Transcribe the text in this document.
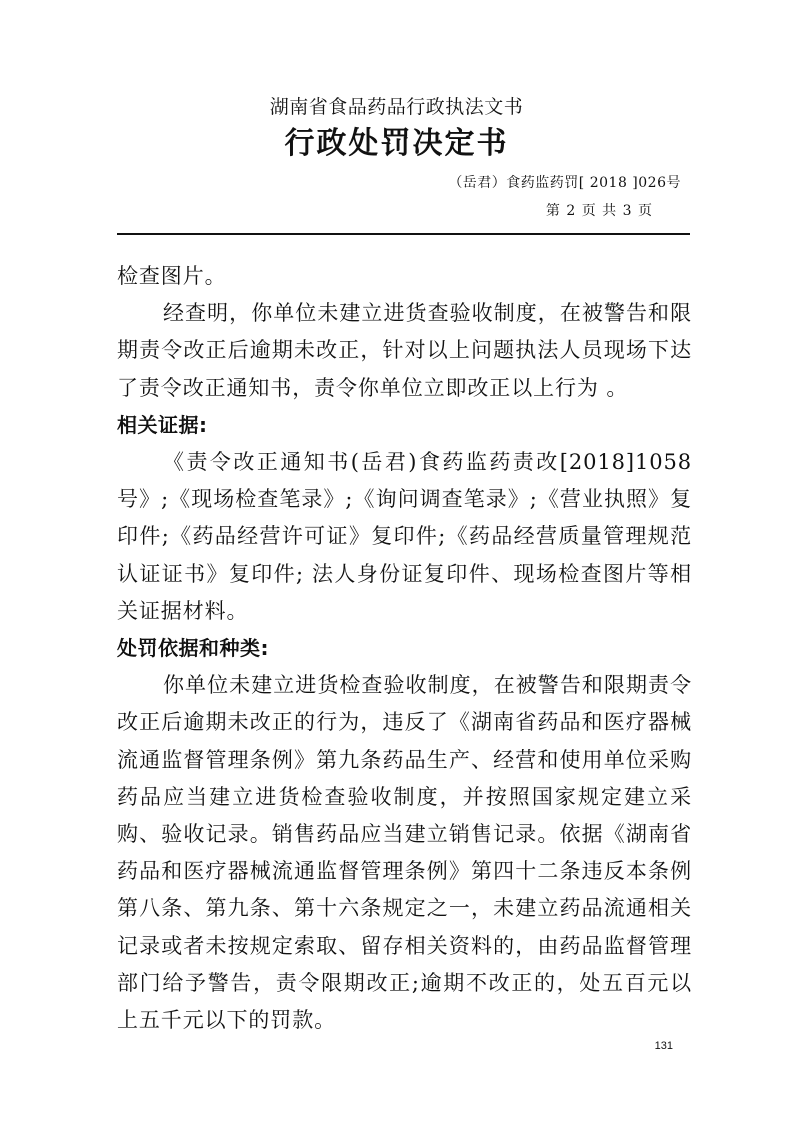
湖南省食品药品行政执法文书
行政处罚决定书
（岳君）食药监药罚[ 2018 ]026号
第 2 页 共 3 页

检查图片。

经查明，你单位未建立进货查验收制度，在被警告和限期责令改正后逾期未改正，针对以上问题执法人员现场下达了责令改正通知书，责令你单位立即改正以上行为 。

相关证据:

《责令改正通知书(岳君)食药监药责改[2018]1058 号》;《现场检查笔录》;《询问调查笔录》;《营业执照》复印件;《药品经营许可证》复印件;《药品经营质量管理规范认证证书》复印件; 法人身份证复印件、现场检查图片等相关证据材料。

处罚依据和种类:

你单位未建立进货检查验收制度，在被警告和限期责令改正后逾期未改正的行为，违反了《湖南省药品和医疗器械流通监督管理条例》第九条药品生产、经营和使用单位采购药品应当建立进货检查验收制度，并按照国家规定建立采购、验收记录。销售药品应当建立销售记录。依据《湖南省药品和医疗器械流通监督管理条例》第四十二条违反本条例第八条、第九条、第十六条规定之一，未建立药品流通相关记录或者未按规定索取、留存相关资料的，由药品监督管理部门给予警告，责令限期改正;逾期不改正的，处五百元以上五千元以下的罚款。

131
